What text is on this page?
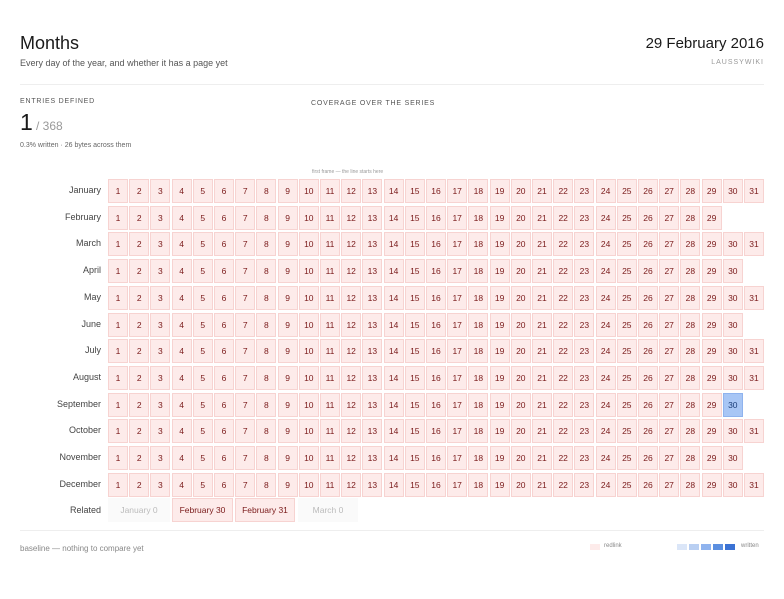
Months
Every day of the year, and whether it has a page yet
29 February 2016
LAUSSYWIKI
ENTRIES DEFINED
1 / 368
0.3% written · 26 bytes across them
COVERAGE OVER THE SERIES
first frame — the line starts here
January	1	2	3	4	5	6	7	8	9	10	11	12	13	14	15	16	17	18	19	20	21	22	23	24	25	26	27	28	29	30	31
February	1	2	3	4	5	6	7	8	9	10	11	12	13	14	15	16	17	18	19	20	21	22	23	24	25	26	27	28	29
March	1	2	3	4	5	6	7	8	9	10	11	12	13	14	15	16	17	18	19	20	21	22	23	24	25	26	27	28	29	30	31
April	1	2	3	4	5	6	7	8	9	10	11	12	13	14	15	16	17	18	19	20	21	22	23	24	25	26	27	28	29	30
May	1	2	3	4	5	6	7	8	9	10	11	12	13	14	15	16	17	18	19	20	21	22	23	24	25	26	27	28	29	30	31
June	1	2	3	4	5	6	7	8	9	10	11	12	13	14	15	16	17	18	19	20	21	22	23	24	25	26	27	28	29	30
July	1	2	3	4	5	6	7	8	9	10	11	12	13	14	15	16	17	18	19	20	21	22	23	24	25	26	27	28	29	30	31
August	1	2	3	4	5	6	7	8	9	10	11	12	13	14	15	16	17	18	19	20	21	22	23	24	25	26	27	28	29	30	31
September	1	2	3	4	5	6	7	8	9	10	11	12	13	14	15	16	17	18	19	20	21	22	23	24	25	26	27	28	29	30
October	1	2	3	4	5	6	7	8	9	10	11	12	13	14	15	16	17	18	19	20	21	22	23	24	25	26	27	28	29	30	31
November	1	2	3	4	5	6	7	8	9	10	11	12	13	14	15	16	17	18	19	20	21	22	23	24	25	26	27	28	29	30
December	1	2	3	4	5	6	7	8	9	10	11	12	13	14	15	16	17	18	19	20	21	22	23	24	25	26	27	28	29	30	31
Related	January 0	February 30	February 31	March 0
baseline — nothing to compare yet	redlink	written
